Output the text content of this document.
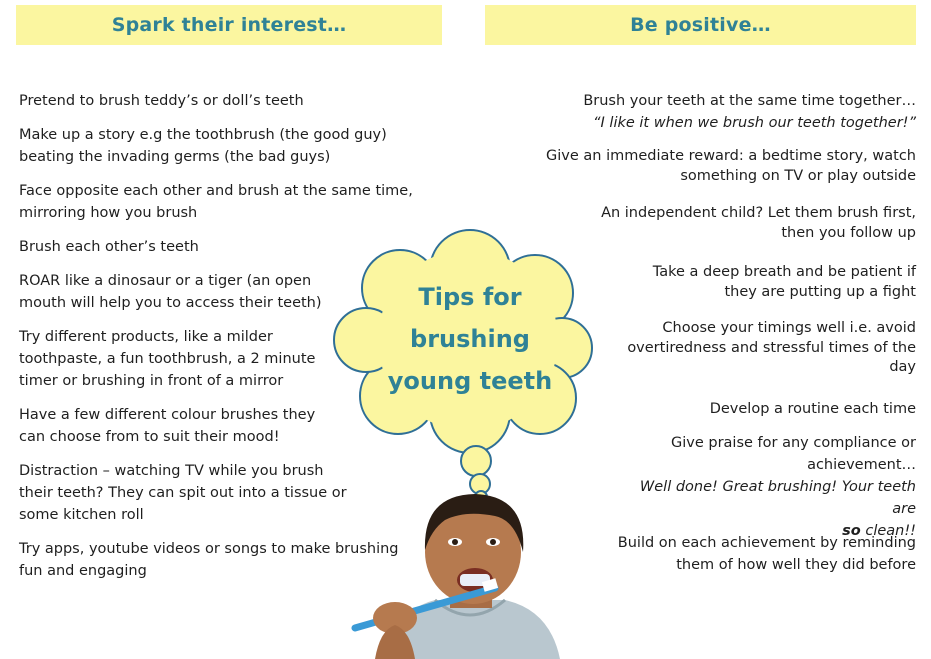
Spark their interest…	Be positive…

Pretend to brush teddy’s or doll’s teeth

Make up a story e.g the toothbrush (the good guy) beating the invading germs (the bad guys)

Face opposite each other and brush at the same time, mirroring how you brush

Brush each other’s teeth

ROAR like a dinosaur or a tiger (an open mouth will help you to access their teeth)

Try different products, like a milder toothpaste, a fun toothbrush, a 2 minute timer or brushing in front of a mirror

Have a few different colour brushes they can choose from to suit their mood!

Distraction – watching TV while you brush their teeth? They can spit out into a tissue or some kitchen roll

Try apps, youtube videos or songs to make brushing fun and engaging

Brush your teeth at the same time together…
“I like it when we brush our teeth together!”

Give an immediate reward: a bedtime story, watch something on TV or play outside

An independent child? Let them brush first, then you follow up

Take a deep breath and be patient if they are putting up a fight

Choose your timings well i.e. avoid overtiredness and stressful times of the day

Develop a routine each time

Give praise for any compliance or achievement…
Well done! Great brushing! Your teeth are
so clean!!

Build on each achievement by reminding them of how well they did before

Tips for
brushing
young teeth
